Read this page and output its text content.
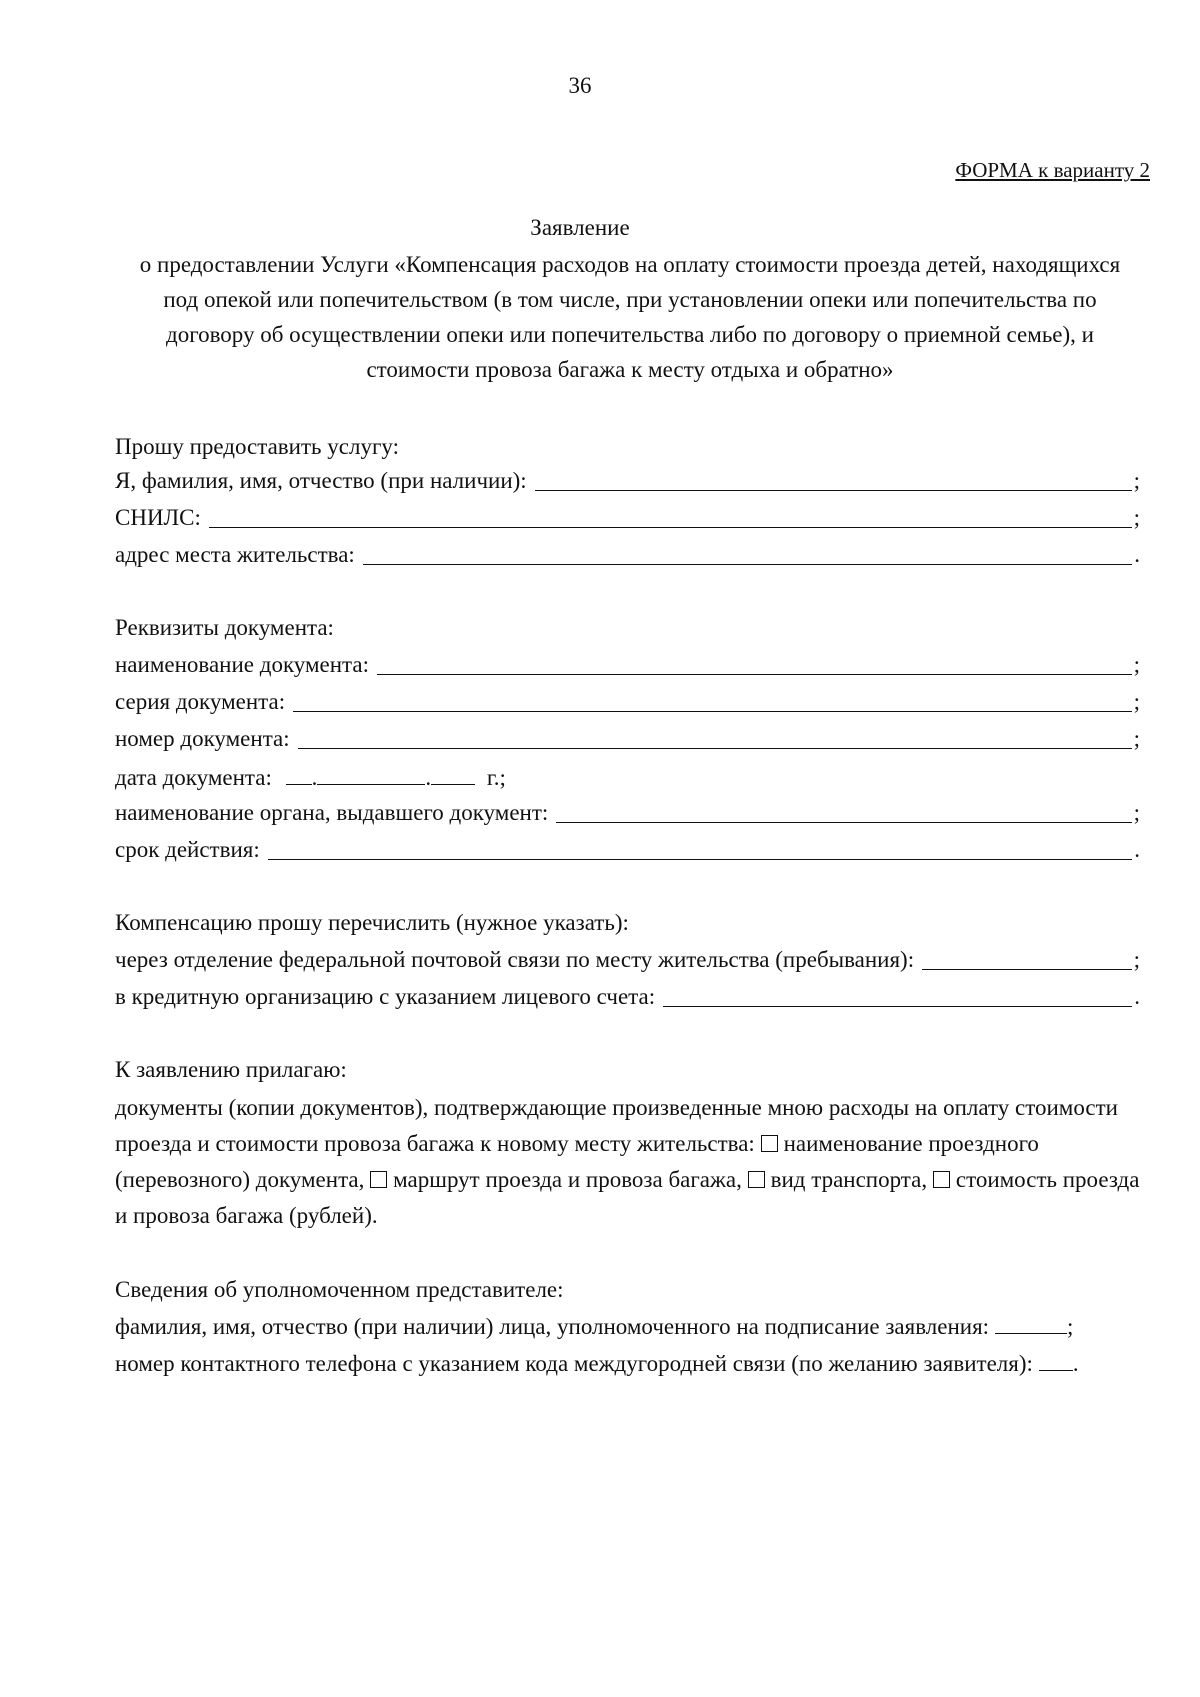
36
ФОРМА к варианту 2
Заявление
о предоставлении Услуги «Компенсация расходов на оплату стоимости проезда детей, находящихся под опекой или попечительством (в том числе, при установлении опеки или попечительства по договору об осуществлении опеки или попечительства либо по договору о приемной семье), и стоимости провоза багажа к месту отдыха и обратно»
Прошу предоставить услугу:
Я, фамилия, имя, отчество (при наличии):	;
СНИЛС:	;
адрес места жительства:	.
Реквизиты документа:
наименование документа:	;
серия документа:	;
номер документа:	;
дата документа: .	. г.;
наименование органа, выдавшего документ:	;
срок действия:	.
Компенсацию прошу перечислить (нужное указать):
через отделение федеральной почтовой связи по месту жительства (пребывания):	;
в кредитную организацию с указанием лицевого счета:	.
К заявлению прилагаю:
документы (копии документов), подтверждающие произведенные мною расходы на оплату стоимости проезда и стоимости провоза багажа к новому месту жительства: наименование проездного (перевозного) документа, маршрут проезда и провоза багажа, вид транспорта, стоимость проезда и провоза багажа (рублей).
Сведения об уполномоченном представителе:
фамилия, имя, отчество (при наличии) лица, уполномоченного на подписание заявления:	;
номер контактного телефона с указанием кода междугородней связи (по желанию заявителя): .
